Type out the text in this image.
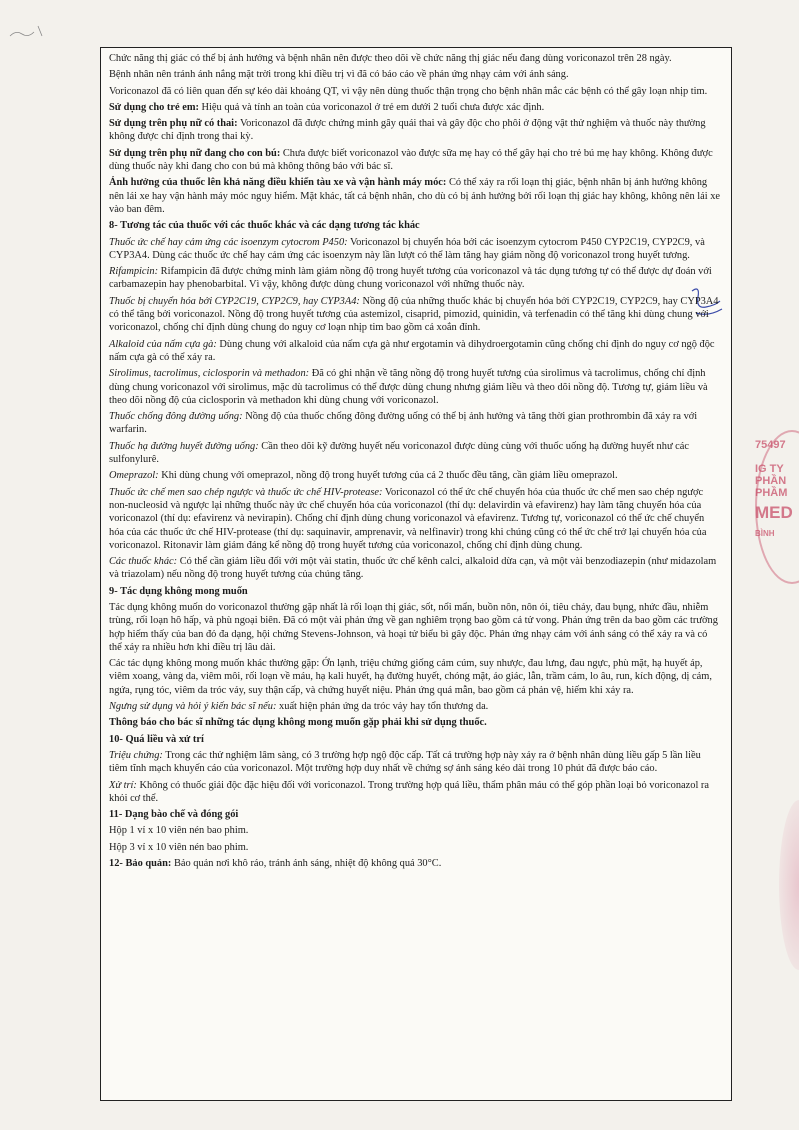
75497
IG TY
PHẦN
PHẦM
MED
BÌNH

Chức năng thị giác có thể bị ảnh hưởng và bệnh nhân nên được theo dõi về chức năng thị giác nếu đang dùng voriconazol trên 28 ngày.

Bệnh nhân nên tránh ánh nắng mặt trời trong khi điều trị vì đã có báo cáo về phản ứng nhạy cảm với ánh sáng.

Voriconazol đã có liên quan đến sự kéo dài khoảng QT, vì vậy nên dùng thuốc thận trọng cho bệnh nhân mắc các bệnh có thể gây loạn nhịp tim.

Sử dụng cho trẻ em: Hiệu quả và tính an toàn của voriconazol ở trẻ em dưới 2 tuổi chưa được xác định.

Sử dụng trên phụ nữ có thai: Voriconazol đã được chứng minh gây quái thai và gây độc cho phôi ở động vật thử nghiệm và thuốc này thường không được chỉ định trong thai kỳ.

Sử dụng trên phụ nữ đang cho con bú: Chưa được biết voriconazol vào được sữa mẹ hay có thể gây hại cho trẻ bú mẹ hay không. Không được dùng thuốc này khi đang cho con bú mà không thông báo với bác sĩ.

Ảnh hưởng của thuốc lên khả năng điều khiển tàu xe và vận hành máy móc: Có thể xảy ra rối loạn thị giác, bệnh nhân bị ảnh hưởng không nên lái xe hay vận hành máy móc nguy hiểm. Mặt khác, tất cả bệnh nhân, cho dù có bị ảnh hưởng bởi rối loạn thị giác hay không, không nên lái xe vào ban đêm.

8- Tương tác của thuốc với các thuốc khác và các dạng tương tác khác

Thuốc ức chế hay cảm ứng các isoenzym cytocrom P450: Voriconazol bị chuyển hóa bởi các isoenzym cytocrom P450 CYP2C19, CYP2C9, và CYP3A4. Dùng các thuốc ức chế hay cảm ứng các isoenzym này lần lượt có thể làm tăng hay giảm nồng độ voriconazol trong huyết tương.

Rifampicin: Rifampicin đã được chứng minh làm giảm nồng độ trong huyết tương của voriconazol và tác dụng tương tự có thể được dự đoán với carbamazepin hay phenobarbital. Vì vậy, không được dùng chung voriconazol với những thuốc này.

Thuốc bị chuyển hóa bởi CYP2C19, CYP2C9, hay CYP3A4: Nồng độ của những thuốc khác bị chuyển hóa bởi CYP2C19, CYP2C9, hay CYP3A4 có thể tăng bởi voriconazol. Nồng độ trong huyết tương của astemizol, cisaprid, pimozid, quinidin, và terfenadin có thể tăng khi dùng chung với voriconazol, chống chỉ định dùng chung do nguy cơ loạn nhịp tim bao gồm cả xoắn đỉnh.

Alkaloid của nấm cựa gà: Dùng chung với alkaloid của nấm cựa gà như ergotamin và dihydroergotamin cũng chống chỉ định do nguy cơ ngộ độc nấm cựa gà có thể xảy ra.

Sirolimus, tacrolimus, ciclosporin và methadon: Đã có ghi nhận về tăng nồng độ trong huyết tương của sirolimus và tacrolimus, chống chỉ định dùng chung voriconazol với sirolimus, mặc dù tacrolimus có thể được dùng chung nhưng giảm liều và theo dõi nồng độ. Tương tự, giảm liều và theo dõi nồng độ của ciclosporin và methadon khi dùng chung với voriconazol.

Thuốc chống đông đường uống: Nồng độ của thuốc chống đông đường uống có thể bị ảnh hưởng và tăng thời gian prothrombin đã xảy ra với warfarin.

Thuốc hạ đường huyết đường uống: Cần theo dõi kỹ đường huyết nếu voriconazol được dùng cùng với thuốc uống hạ đường huyết như các sulfonylurê.

Omeprazol: Khi dùng chung với omeprazol, nồng độ trong huyết tương của cả 2 thuốc đều tăng, cần giảm liều omeprazol.

Thuốc ức chế men sao chép ngược và thuốc ức chế HIV-protease: Voriconazol có thể ức chế chuyển hóa của thuốc ức chế men sao chép ngược non-nucleosid và ngược lại những thuốc này ức chế chuyển hóa của voriconazol (thí dụ: delavirdin và efavirenz) hay làm tăng chuyển hóa của voriconazol (thí dụ: efavirenz và nevirapin). Chống chỉ định dùng chung voriconazol và efavirenz. Tương tự, voriconazol có thể ức chế chuyển hóa của các thuốc ức chế HIV-protease (thí dụ: saquinavir, amprenavir, và nelfinavir) trong khi chúng cũng có thể ức chế trở lại chuyển hóa của voriconazol. Ritonavir làm giảm đáng kể nồng độ trong huyết tương của voriconazol, chống chỉ định dùng chung.

Các thuốc khác: Có thể cần giảm liều đối với một vài statin, thuốc ức chế kênh calci, alkaloid dừa cạn, và một vài benzodiazepin (như midazolam và triazolam) nếu nồng độ trong huyết tương của chúng tăng.

9- Tác dụng không mong muốn

Tác dụng không muốn do voriconazol thường gặp nhất là rối loạn thị giác, sốt, nổi mẩn, buồn nôn, nôn ói, tiêu chảy, đau bụng, nhức đầu, nhiễm trùng, rối loạn hô hấp, và phù ngoại biên. Đã có một vài phản ứng về gan nghiêm trọng bao gồm cả tử vong. Phản ứng trên da bao gồm các trường hợp hiếm thấy của ban đỏ đa dạng, hội chứng Stevens-Johnson, và hoại tử biểu bì gây độc. Phản ứng nhạy cảm với ánh sáng có thể xảy ra và có thể xảy ra nhiều hơn khi điều trị lâu dài.

Các tác dụng không mong muốn khác thường gặp: Ớn lạnh, triệu chứng giống cảm cúm, suy nhược, đau lưng, đau ngực, phù mặt, hạ huyết áp, viêm xoang, vàng da, viêm môi, rối loạn về máu, hạ kali huyết, hạ đường huyết, chóng mặt, ảo giác, lẫn, trầm cảm, lo âu, run, kích động, dị cảm, ngứa, rụng tóc, viêm da tróc vảy, suy thận cấp, và chứng huyết niệu. Phản ứng quá mẫn, bao gồm cả phản vệ, hiếm khi xảy ra.

Ngưng sử dụng và hỏi ý kiến bác sĩ nếu: xuất hiện phản ứng da tróc vảy hay tổn thương da.

Thông báo cho bác sĩ những tác dụng không mong muốn gặp phải khi sử dụng thuốc.

10- Quá liều và xử trí

Triệu chứng: Trong các thử nghiệm lâm sàng, có 3 trường hợp ngộ độc cấp. Tất cả trường hợp này xảy ra ở bệnh nhân dùng liều gấp 5 lần liều tiêm tĩnh mạch khuyến cáo của voriconazol. Một trường hợp duy nhất về chứng sợ ánh sáng kéo dài trong 10 phút đã được báo cáo.

Xử trí: Không có thuốc giải độc đặc hiệu đối với voriconazol. Trong trường hợp quá liều, thẩm phân máu có thể góp phần loại bỏ voriconazol ra khỏi cơ thể.

11- Dạng bào chế và đóng gói

Hộp 1 vỉ x 10 viên nén bao phim.

Hộp 3 vỉ x 10 viên nén bao phim.

12- Bảo quản: Bảo quản nơi khô ráo, tránh ánh sáng, nhiệt độ không quá 30°C.
